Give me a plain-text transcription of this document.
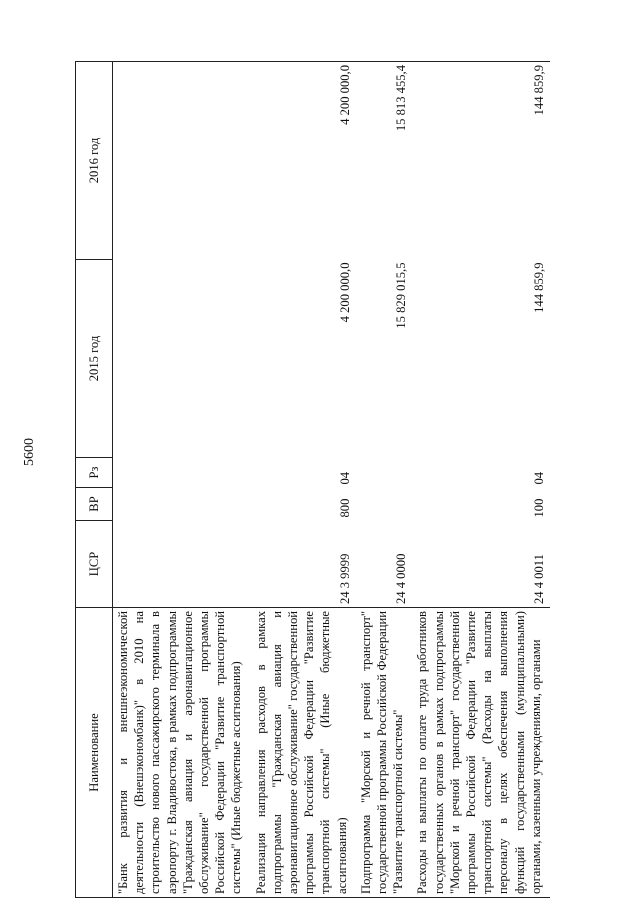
5600
Наименование	ЦСР	ВР	Рз	2015 год	2016 год
"Банк развития и внешнеэкономической деятельности (Внешэкономбанк)" в 2010 на строительство нового пассажирского терминала в аэропорту г. Владивостока, в рамках подпрограммы "Гражданская авиация и аэронавигационное обслуживание" государственной программы Российской Федерации "Развитие транспортной системы" (Иные бюджетные ассигнования)					
Реализация направления расходов в рамках подпрограммы "Гражданская авиация и аэронавигационное обслуживание" государственной программы Российской Федерации "Развитие транспортной системы" (Иные бюджетные ассигнования)	24 3 9999	800	04	4 200 000,0	4 200 000,0
Подпрограмма "Морской и речной транспорт" государственной программы Российской Федерации "Развитие транспортной системы"	24 4 0000			15 829 015,5	15 813 455,4
Расходы на выплаты по оплате труда работников государственных органов в рамках подпрограммы "Морской и речной транспорт" государственной программы Российской Федерации "Развитие транспортной системы" (Расходы на выплаты персоналу в целях обеспечения выполнения функций государственными (муниципальными) органами, казенными учреждениями, органами	24 4 0011	100	04	144 859,9	144 859,9
